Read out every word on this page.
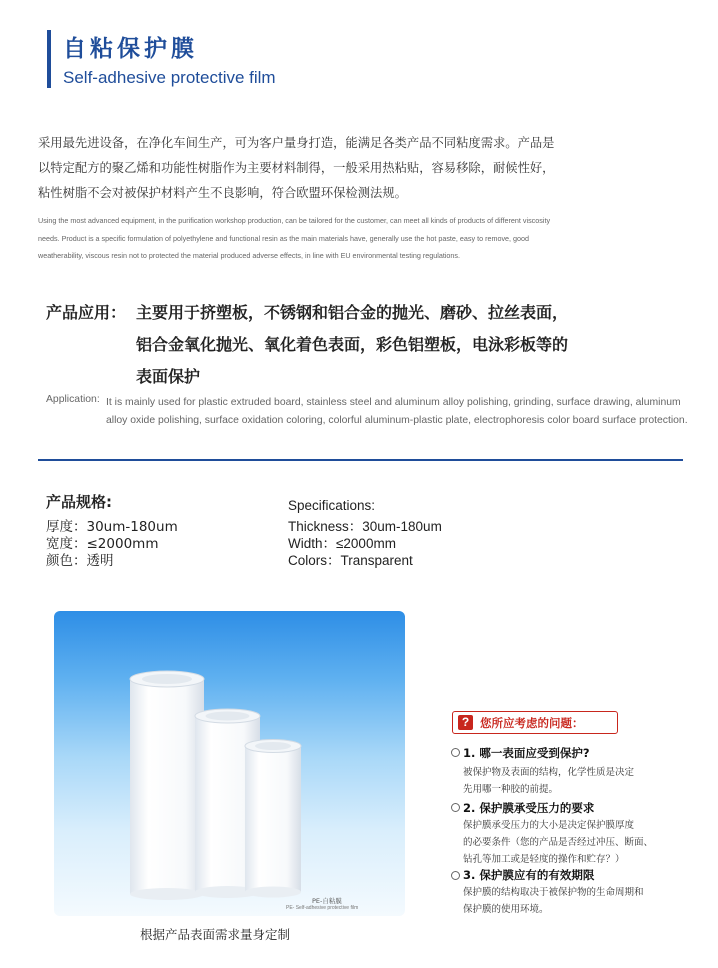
自粘保护膜
Self-adhesive protective film

采用最先进设备，在净化车间生产，可为客户量身打造，能满足各类产品不同粘度需求。产品是以特定配方的聚乙烯和功能性树脂作为主要材料制得，一般采用热粘贴，容易移除，耐候性好，粘性树脂不会对被保护材料产生不良影响，符合欧盟环保检测法规。

Using the most advanced equipment, in the purification workshop production, can be tailored for the customer, can meet all kinds of products of different viscosity needs. Product is a specific formulation of polyethylene and functional resin as the main materials have, generally use the hot paste, easy to remove, good weatherability, viscous resin not to protected the material produced adverse effects, in line with EU environmental testing regulations.

产品应用： 主要用于挤塑板，不锈钢和铝合金的抛光、磨砂、拉丝表面，
铝合金氧化抛光、氧化着色表面，彩色铝塑板，电泳彩板等的
表面保护
Application: It is mainly used for plastic extruded board, stainless steel and aluminum alloy polishing, grinding, surface drawing, aluminum alloy oxide polishing, surface oxidation coloring, colorful aluminum-plastic plate, electrophoresis color board surface protection.

产品规格:
厚度：30um-180um
宽度：≤2000mm
颜色：透明
Specifications:
Thickness：30um-180um
Width：≤2000mm
Colors：Transparent
PE-自粘膜
PE- Self-adhesive protective film
根据产品表面需求量身定制
? 您所应考虑的问题：
1. 哪一表面应受到保护?
被保护物及表面的结构，化学性质是决定
先用哪一种胶的前提。
2. 保护膜承受压力的要求
保护膜承受压力的大小是决定保护膜厚度
的必要条件（您的产品是否经过冲压、断面、
钻孔等加工或是轻度的操作和贮存？）
3. 保护膜应有的有效期限
保护膜的结构取决于被保护物的生命周期和
保护膜的使用环境。
